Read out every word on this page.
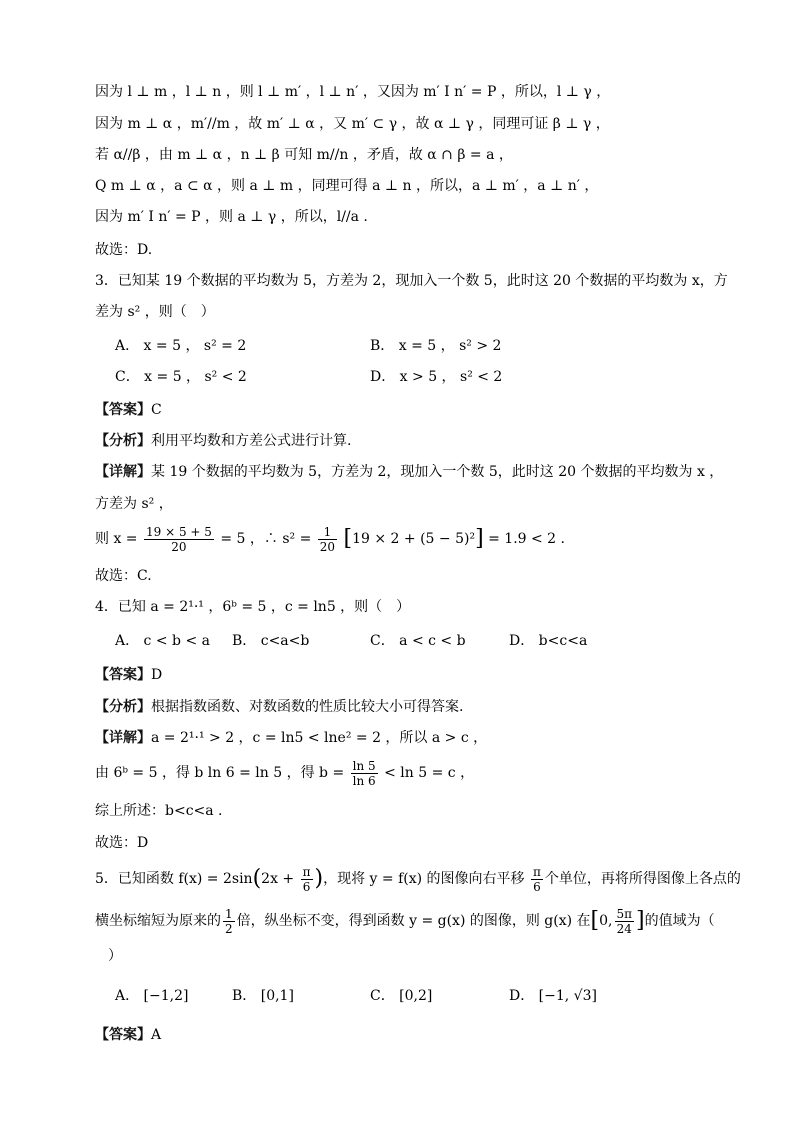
因为 l ⊥ m ，l ⊥ n ，则 l ⊥ m′ ，l ⊥ n′ ，又因为 m′ I n′ = P ，所以，l ⊥ γ ，
因为 m ⊥ α ，m′//m ，故 m′ ⊥ α ，又 m′ ⊂ γ ，故 α ⊥ γ ，同理可证 β ⊥ γ ，
若 α//β ，由 m ⊥ α ，n ⊥ β 可知 m//n ，矛盾，故 α ∩ β = a ，
Q m ⊥ α ，a ⊂ α ，则 a ⊥ m ，同理可得 a ⊥ n ，所以，a ⊥ m′ ，a ⊥ n′ ，
因为 m′ I n′ = P ，则 a ⊥ γ ，所以，l//a .
故选：D.
3．已知某 19 个数据的平均数为 5，方差为 2，现加入一个数 5，此时这 20 个数据的平均数为 x，方
差为 s² ，则（　）
A． x = 5 ， s² = 2	B． x = 5 ， s² > 2
C． x = 5 ， s² < 2	D． x > 5 ， s² < 2
【答案】C
【分析】利用平均数和方差公式进行计算.
【详解】某 19 个数据的平均数为 5，方差为 2，现加入一个数 5，此时这 20 个数据的平均数为 x ，
方差为 s² ，
则 $x = \frac{19 \times 5 + 5}{20} = 5$ ，∴ $s^2 = \frac{1}{20} [19 \times 2 + (5 - 5)^2] = 1.9 < 2$ .
故选：C.
4．已知 a = 2¹·¹ ，6ᵇ = 5 ，c = ln5 ，则（　）
A． c < b < a B． c<a<b	C． a < c < b	D． b<c<a
【答案】D
【分析】根据指数函数、对数函数的性质比较大小可得答案.
【详解】a = 2¹·¹ > 2 ，c = ln5 < lne² = 2 ，所以 a > c ，
由 6ᵇ = 5 ，得 b ln 6 = ln 5 ，得 $b = \frac{\ln 5}{\ln 6} < \ln 5 = c$ ，
综上所述：b<c<a .
故选：D
5．已知函数 $f(x) = 2\sin(2x + \frac{\pi}{6}$ )，现将 y = f(x) 的图像向右平移 $\frac{\pi}{6}$ 个单位，再将所得图像上各点的
横坐标缩短为原来的 $\frac{1}{2}$ 倍，纵坐标不变，得到函数 y = g(x) 的图像，则 g(x) 在[0, $\frac{5\pi}{24}$ ]的值域为（
）
A． [−1,2]	B． [0,1]	C． [0,2]	D． [−1, √3]
【答案】A
